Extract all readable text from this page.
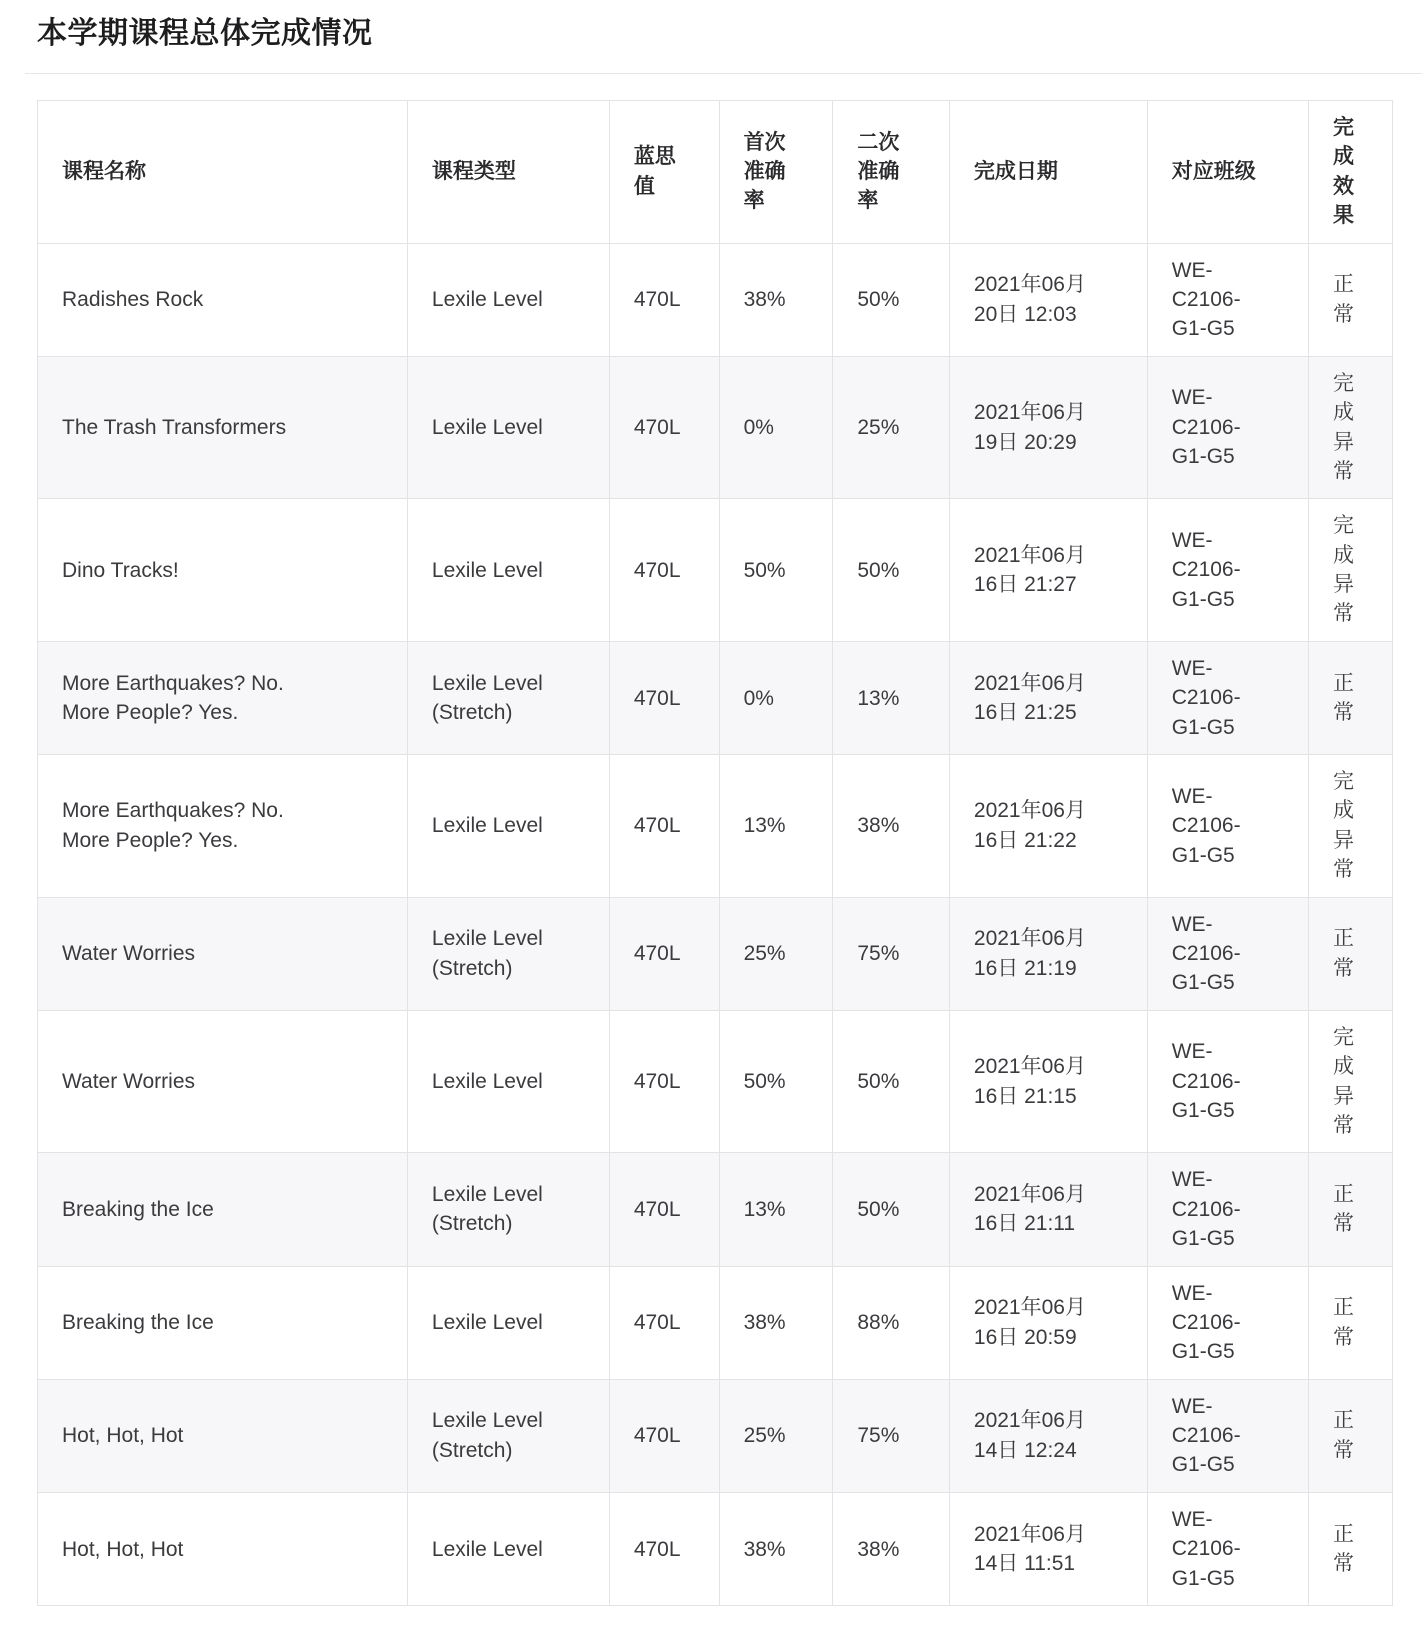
本学期课程总体完成情况
课程名称	课程类型	蓝思值	首次准确率	二次准确率	完成日期	对应班级	完成效果
Radishes Rock	Lexile Level	470L	38%	50%	2021年06月20日 12:03	WE-C2106-G1-G5	正常
The Trash Transformers	Lexile Level	470L	0%	25%	2021年06月19日 20:29	WE-C2106-G1-G5	完成异常
Dino Tracks!	Lexile Level	470L	50%	50%	2021年06月16日 21:27	WE-C2106-G1-G5	完成异常
More Earthquakes? No. More People? Yes.	Lexile Level (Stretch)	470L	0%	13%	2021年06月16日 21:25	WE-C2106-G1-G5	正常
More Earthquakes? No. More People? Yes.	Lexile Level	470L	13%	38%	2021年06月16日 21:22	WE-C2106-G1-G5	完成异常
Water Worries	Lexile Level (Stretch)	470L	25%	75%	2021年06月16日 21:19	WE-C2106-G1-G5	正常
Water Worries	Lexile Level	470L	50%	50%	2021年06月16日 21:15	WE-C2106-G1-G5	完成异常
Breaking the Ice	Lexile Level (Stretch)	470L	13%	50%	2021年06月16日 21:11	WE-C2106-G1-G5	正常
Breaking the Ice	Lexile Level	470L	38%	88%	2021年06月16日 20:59	WE-C2106-G1-G5	正常
Hot, Hot, Hot	Lexile Level (Stretch)	470L	25%	75%	2021年06月14日 12:24	WE-C2106-G1-G5	正常
Hot, Hot, Hot	Lexile Level	470L	38%	38%	2021年06月14日 11:51	WE-C2106-G1-G5	正常
